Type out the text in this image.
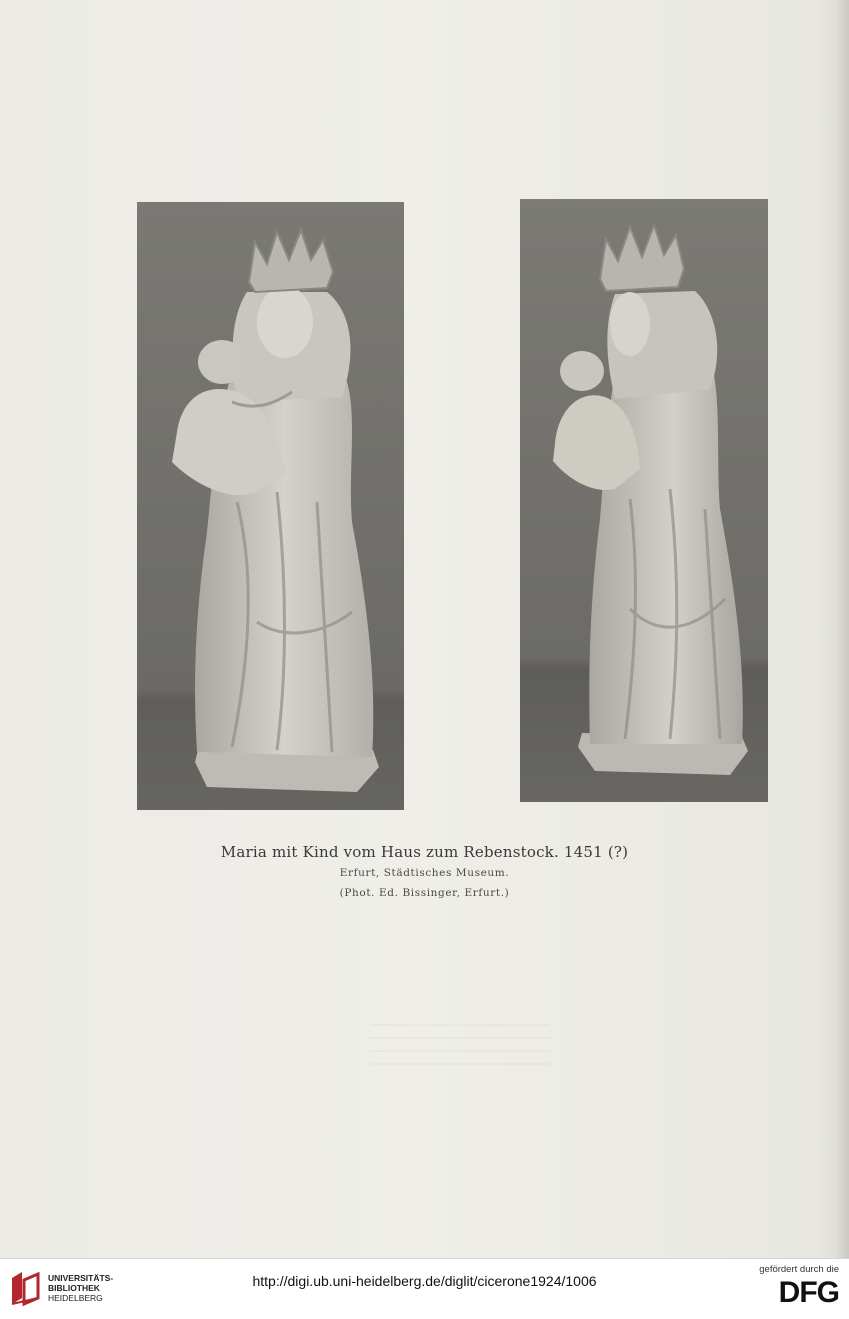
Maria mit Kind vom Haus zum Rebenstock. 1451 (?)
Erfurt, Städtisches Museum.
(Phot. Ed. Bissinger, Erfurt.)
UNIVERSITÄTS-
BIBLIOTHEK
HEIDELBERG
http://digi.ub.uni-heidelberg.de/diglit/cicerone1924/1006
gefördert durch die
DFG
